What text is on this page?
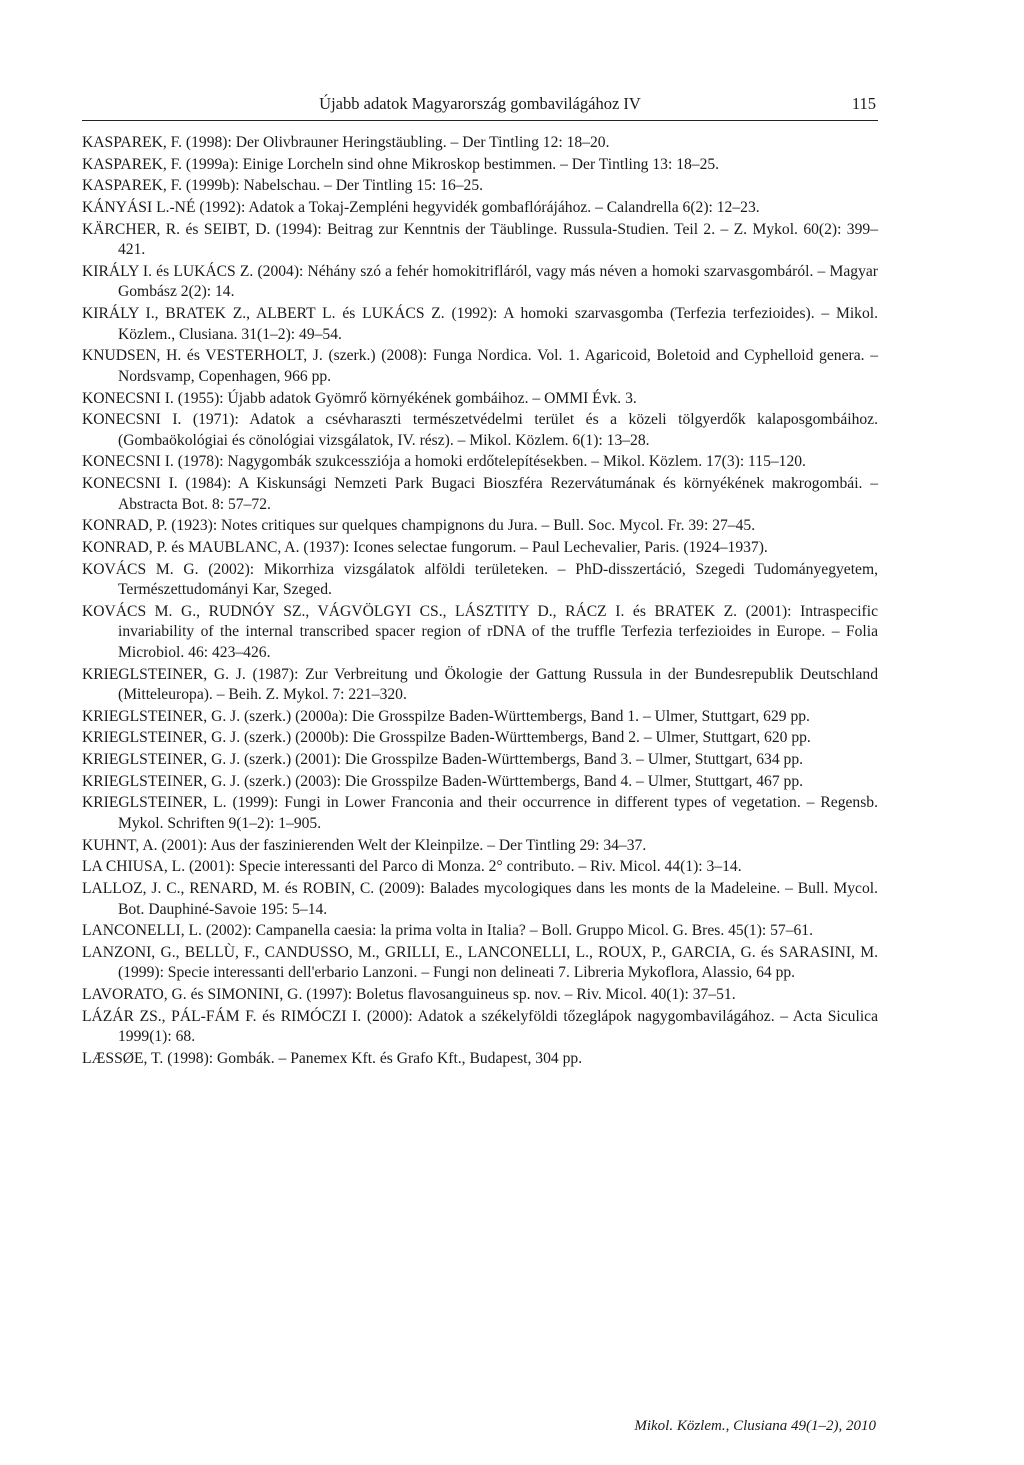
Újabb adatok Magyarország gombavilágához IV	115

KASPAREK, F. (1998): Der Olivbrauner Heringstäubling. – Der Tintling 12: 18–20.

KASPAREK, F. (1999a): Einige Lorcheln sind ohne Mikroskop bestimmen. – Der Tintling 13: 18–25.

KASPAREK, F. (1999b): Nabelschau. – Der Tintling 15: 16–25.

KÁNYÁSI L.-NÉ (1992): Adatok a Tokaj-Zempléni hegyvidék gombaflórájához. – Calandrella 6(2): 12–23.

KÄRCHER, R. és SEIBT, D. (1994): Beitrag zur Kenntnis der Täublinge. Russula-Studien. Teil 2. – Z. Mykol. 60(2): 399–421.

KIRÁLY I. és LUKÁCS Z. (2004): Néhány szó a fehér homokitrifláról, vagy más néven a homoki szarvasgombáról. – Magyar Gombász 2(2): 14.

KIRÁLY I., BRATEK Z., ALBERT L. és LUKÁCS Z. (1992): A homoki szarvasgomba (Terfezia terfezioides). – Mikol. Közlem., Clusiana. 31(1–2): 49–54.

KNUDSEN, H. és VESTERHOLT, J. (szerk.) (2008): Funga Nordica. Vol. 1. Agaricoid, Boletoid and Cyphelloid genera. – Nordsvamp, Copenhagen, 966 pp.

KONECSNI I. (1955): Újabb adatok Gyömrő környékének gombáihoz. – OMMI Évk. 3.

KONECSNI I. (1971): Adatok a csévharaszti természetvédelmi terület és a közeli tölgyerdők kalaposgombáihoz. (Gombaökológiai és cönológiai vizsgálatok, IV. rész). – Mikol. Közlem. 6(1): 13–28.

KONECSNI I. (1978): Nagygombák szukcessziója a homoki erdőtelepítésekben. – Mikol. Közlem. 17(3): 115–120.

KONECSNI I. (1984): A Kiskunsági Nemzeti Park Bugaci Bioszféra Rezervátumának és környékének makrogombái. – Abstracta Bot. 8: 57–72.

KONRAD, P. (1923): Notes critiques sur quelques champignons du Jura. – Bull. Soc. Mycol. Fr. 39: 27–45.

KONRAD, P. és MAUBLANC, A. (1937): Icones selectae fungorum. – Paul Lechevalier, Paris. (1924–1937).

KOVÁCS M. G. (2002): Mikorrhiza vizsgálatok alföldi területeken. – PhD-disszertáció, Szegedi Tudományegyetem, Természettudományi Kar, Szeged.

KOVÁCS M. G., RUDNÓY SZ., VÁGVÖLGYI CS., LÁSZTITY D., RÁCZ I. és BRATEK Z. (2001): Intraspecific invariability of the internal transcribed spacer region of rDNA of the truffle Terfezia terfezioides in Europe. – Folia Microbiol. 46: 423–426.

KRIEGLSTEINER, G. J. (1987): Zur Verbreitung und Ökologie der Gattung Russula in der Bundesrepublik Deutschland (Mitteleuropa). – Beih. Z. Mykol. 7: 221–320.

KRIEGLSTEINER, G. J. (szerk.) (2000a): Die Grosspilze Baden-Württembergs, Band 1. – Ulmer, Stuttgart, 629 pp.

KRIEGLSTEINER, G. J. (szerk.) (2000b): Die Grosspilze Baden-Württembergs, Band 2. – Ulmer, Stuttgart, 620 pp.

KRIEGLSTEINER, G. J. (szerk.) (2001): Die Grosspilze Baden-Württembergs, Band 3. – Ulmer, Stuttgart, 634 pp.

KRIEGLSTEINER, G. J. (szerk.) (2003): Die Grosspilze Baden-Württembergs, Band 4. – Ulmer, Stuttgart, 467 pp.

KRIEGLSTEINER, L. (1999): Fungi in Lower Franconia and their occurrence in different types of vegetation. – Regensb. Mykol. Schriften 9(1–2): 1–905.

KUHNT, A. (2001): Aus der faszinierenden Welt der Kleinpilze. – Der Tintling 29: 34–37.

LA CHIUSA, L. (2001): Specie interessanti del Parco di Monza. 2° contributo. – Riv. Micol. 44(1): 3–14.

LALLOZ, J. C., RENARD, M. és ROBIN, C. (2009): Balades mycologiques dans les monts de la Madeleine. – Bull. Mycol. Bot. Dauphiné-Savoie 195: 5–14.

LANCONELLI, L. (2002): Campanella caesia: la prima volta in Italia? – Boll. Gruppo Micol. G. Bres. 45(1): 57–61.

LANZONI, G., BELLÙ, F., CANDUSSO, M., GRILLI, E., LANCONELLI, L., ROUX, P., GARCIA, G. és SARASINI, M. (1999): Specie interessanti dell'erbario Lanzoni. – Fungi non delineati 7. Libreria Mykoflora, Alassio, 64 pp.

LAVORATO, G. és SIMONINI, G. (1997): Boletus flavosanguineus sp. nov. – Riv. Micol. 40(1): 37–51.

LÁZÁR ZS., PÁL-FÁM F. és RIMÓCZI I. (2000): Adatok a székelyföldi tőzeglápok nagygombavilágához. – Acta Siculica 1999(1): 68.

LÆSSØE, T. (1998): Gombák. – Panemex Kft. és Grafo Kft., Budapest, 304 pp.

Mikol. Közlem., Clusiana 49(1–2), 2010
